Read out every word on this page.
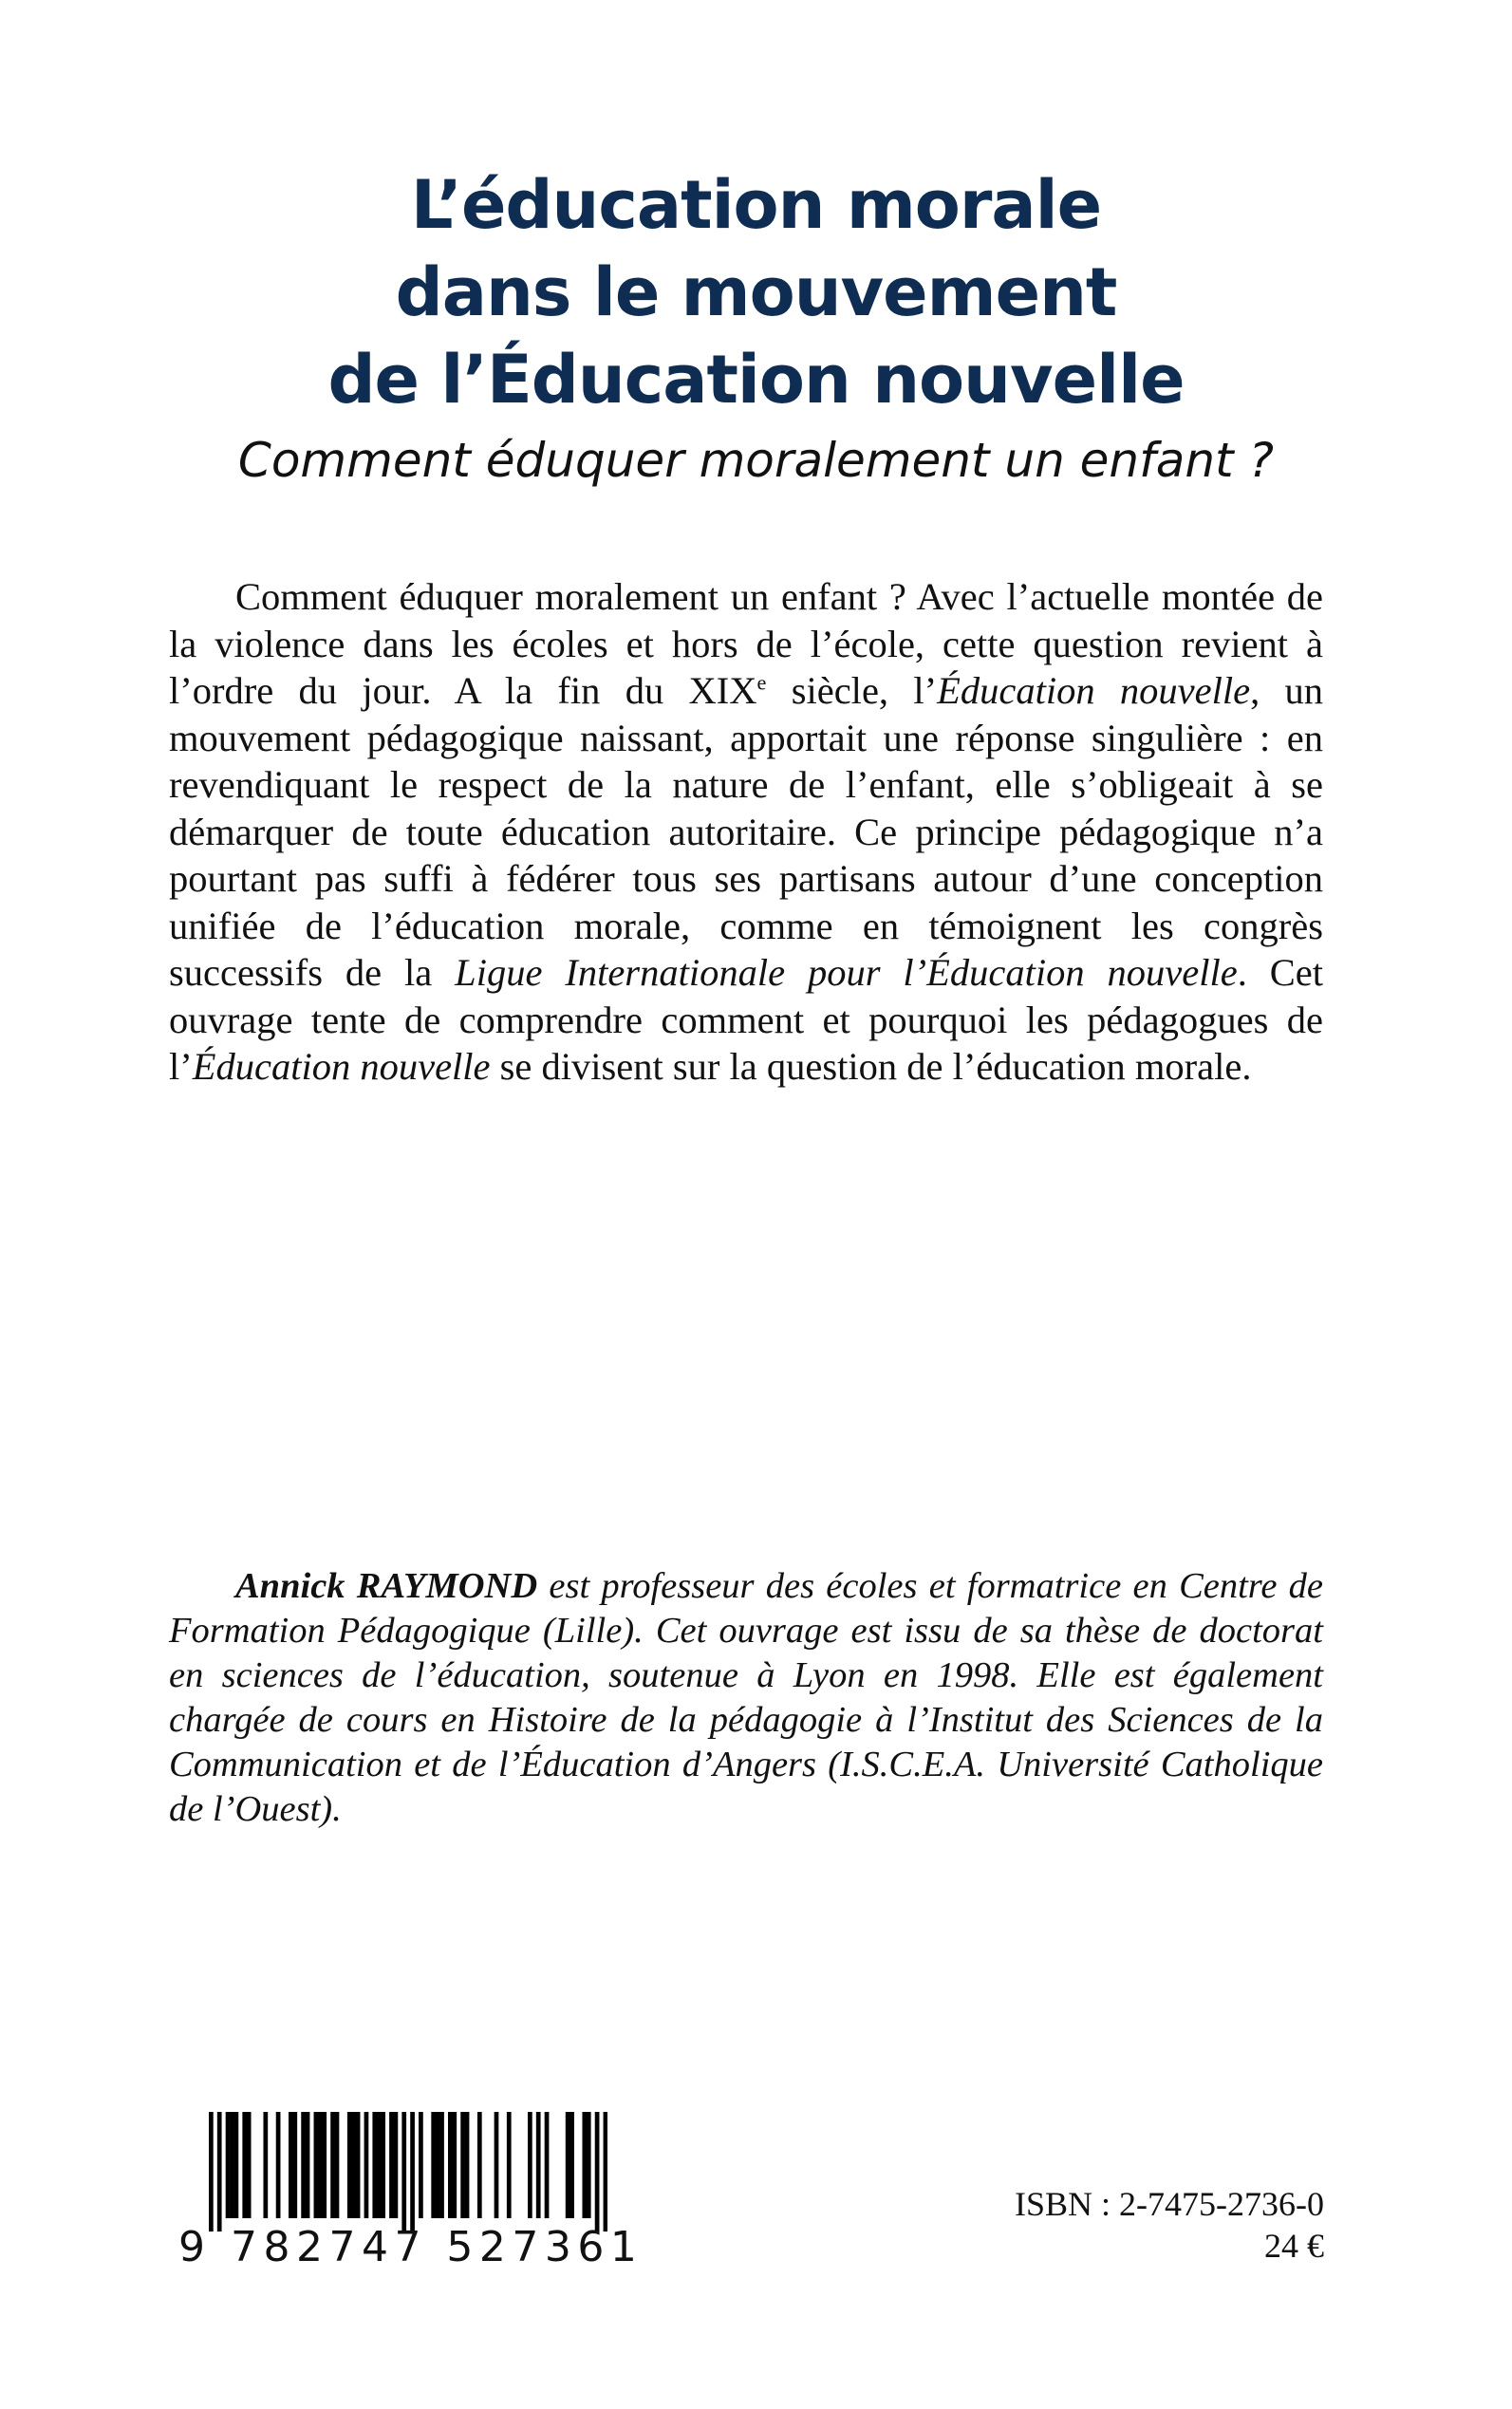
L’éducation morale
dans le mouvement
de l’Éducation nouvelle
Comment éduquer moralement un enfant ?

Comment éduquer moralement un enfant ? Avec l’actuelle montée de la violence dans les écoles et hors de l’école, cette question revient à l’ordre du jour. A la fin du XIXe siècle, l’Éducation nouvelle, un mouvement pédagogique naissant, apportait une réponse singulière : en revendiquant le respect de la nature de l’enfant, elle s’obligeait à se démarquer de toute éducation autoritaire. Ce principe pédagogique n’a pourtant pas suffi à fédérer tous ses partisans autour d’une conception unifiée de l’éducation morale, comme en témoignent les congrès successifs de la Ligue Internationale pour l’Éducation nouvelle. Cet ouvrage tente de comprendre comment et pourquoi les pédagogues de l’Éducation nouvelle se divisent sur la question de l’éducation morale.

Annick RAYMOND est professeur des écoles et formatrice en Centre de Formation Pédagogique (Lille). Cet ouvrage est issu de sa thèse de doctorat en sciences de l’éducation, soutenue à Lyon en 1998. Elle est également chargée de cours en Histoire de la pédagogie à l’Institut des Sciences de la Communication et de l’Éducation d’Angers (I.S.C.E.A. Université Catholique de l’Ouest).

9 782747 527361
ISBN : 2-7475-2736-0
24 €
